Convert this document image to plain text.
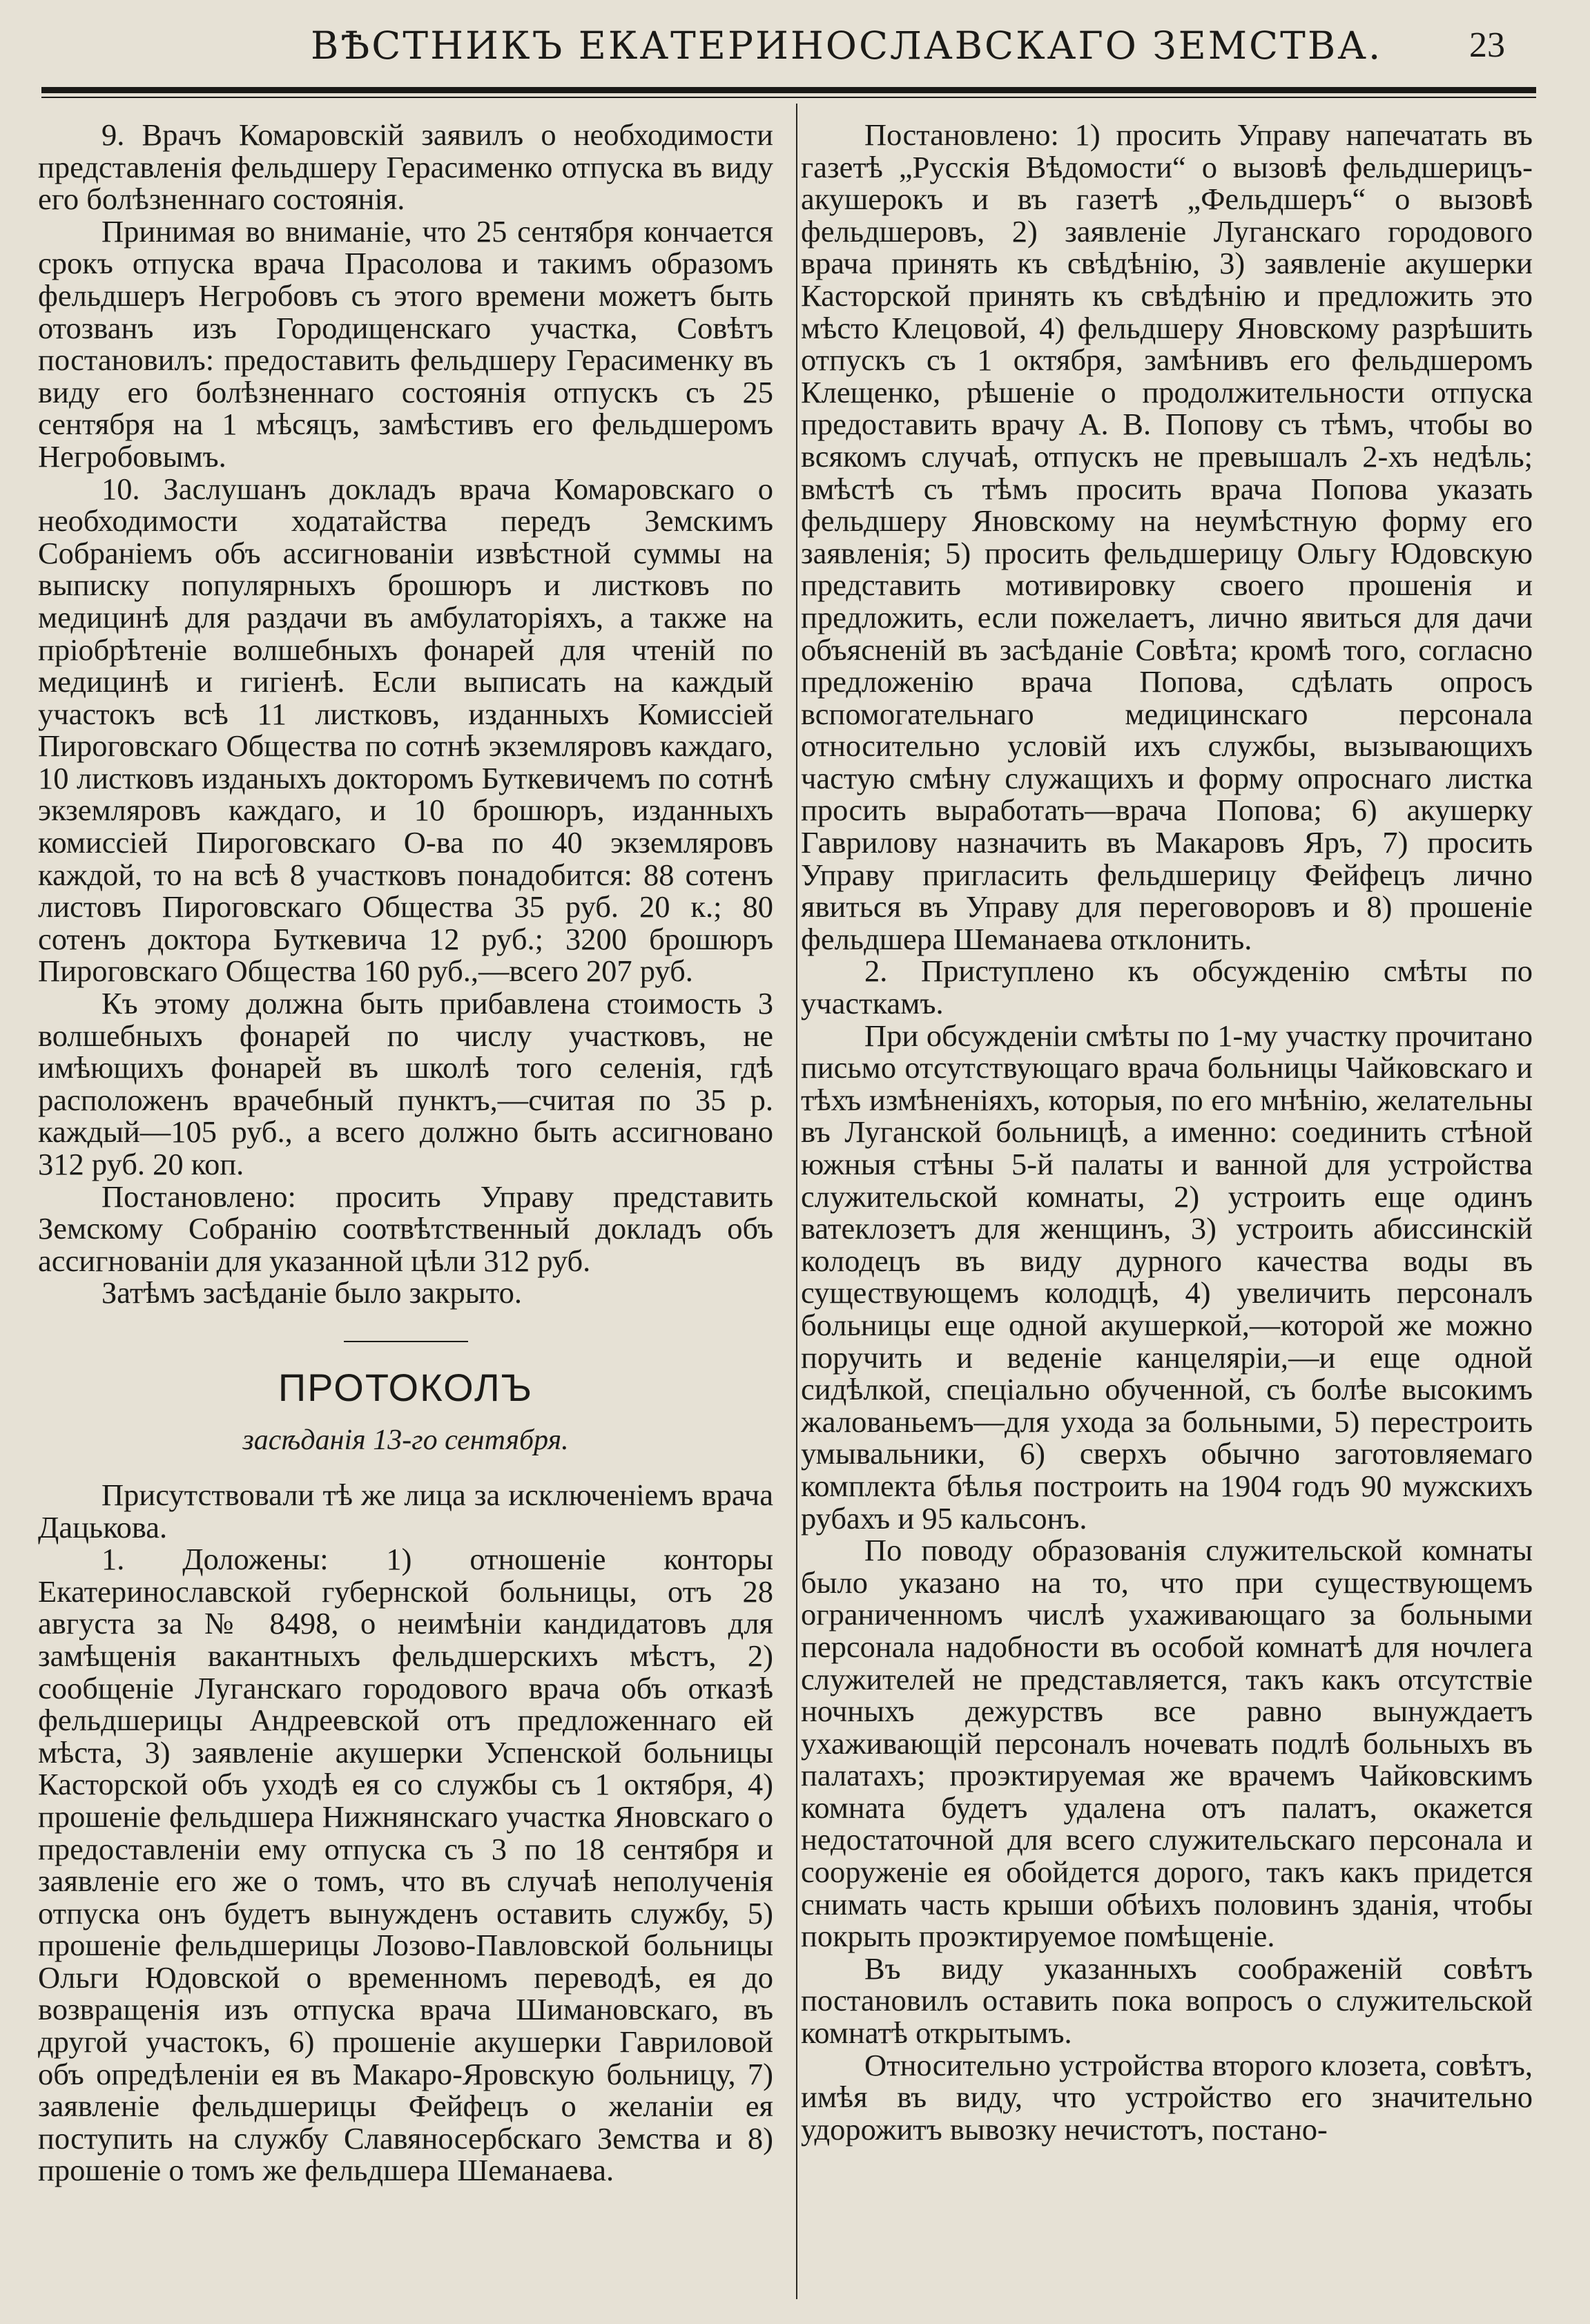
ВѢСТНИКЪ ЕКАТЕРИНОСЛАВСКАГО ЗЕМСТВА. 23

9. Врачъ Комаровскій заявилъ о необходимости представленія фельдшеру Герасименко отпуска въ виду его болѣзненнаго состоянія.

Принимая во вниманіе, что 25 сентября кончается срокъ отпуска врача Прасолова и такимъ образомъ фельдшеръ Негробовъ съ этого времени можетъ быть отозванъ изъ Городищенскаго участка, Совѣтъ постановилъ: предоставить фельдшеру Герасименку въ виду его болѣзненнаго состоянія отпускъ съ 25 сентября на 1 мѣсяцъ, замѣстивъ его фельдшеромъ Негробовымъ.

10. Заслушанъ докладъ врача Комаровскаго о необходимости ходатайства передъ Земскимъ Собраніемъ объ ассигнованіи извѣстной суммы на выписку популярныхъ брошюръ и листковъ по медицинѣ для раздачи въ амбулаторіяхъ, а также на пріобрѣтеніе волшебныхъ фонарей для чтеній по медицинѣ и гигіенѣ. Если выписать на каждый участокъ всѣ 11 листковъ, изданныхъ Комиссіей Пироговскаго Общества по сотнѣ экземляровъ каждаго, 10 листковъ изданыхъ докторомъ Буткевичемъ по сотнѣ экземляровъ каждаго, и 10 брошюръ, изданныхъ комиссіей Пироговскаго О-ва по 40 экземляровъ каждой, то на всѣ 8 участковъ понадобится: 88 сотенъ листовъ Пироговскаго Общества 35 руб. 20 к.; 80 сотенъ доктора Буткевича 12 руб.; 3200 брошюръ Пироговскаго Общества 160 руб.,—всего 207 руб.

Къ этому должна быть прибавлена стоимость 3 волшебныхъ фонарей по числу участковъ, не имѣющихъ фонарей въ школѣ того селенія, гдѣ расположенъ врачебный пунктъ,—считая по 35 р. каждый—105 руб., а всего должно быть ассигновано 312 руб. 20 коп.

Постановлено: просить Управу представить Земскому Собранію соотвѣтственный докладъ объ ассигнованіи для указанной цѣли 312 руб.

Затѣмъ засѣданіе было закрыто.

ПРОТОКОЛЪ
засѣданія 13-го сентября.

Присутствовали тѣ же лица за исключеніемъ врача Дацькова.

1. Доложены: 1) отношеніе конторы Екатеринославской губернской больницы, отъ 28 августа за № 8498, о неимѣніи кандидатовъ для замѣщенія вакантныхъ фельдшерскихъ мѣстъ, 2) сообщеніе Луганскаго городового врача объ отказѣ фельдшерицы Андреевской отъ предложеннаго ей мѣста, 3) заявленіе акушерки Успенской больницы Касторской объ уходѣ ея со службы съ 1 октября, 4) прошеніе фельдшера Нижнянскаго участка Яновскаго о предоставленіи ему отпуска съ 3 по 18 сентября и заявленіе его же о томъ, что въ случаѣ неполученія отпуска онъ будетъ вынужденъ оставить службу, 5) прошеніе фельдшерицы Лозово-Павловской больницы Ольги Юдовской о временномъ переводѣ, ея до возвращенія изъ отпуска врача Шимановскаго, въ другой участокъ, 6) прошеніе акушерки Гавриловой объ опредѣленіи ея въ Макаро-Яровскую больницу, 7) заявленіе фельдшерицы Фейфецъ о желаніи ея поступить на службу Славяносербскаго Земства и 8) прошеніе о томъ же фельдшера Шеманаева.

Постановлено: 1) просить Управу напечатать въ газетѣ „Русскія Вѣдомости“ о вызовѣ фельдшерицъ-акушерокъ и въ газетѣ „Фельдшеръ“ о вызовѣ фельдшеровъ, 2) заявленіе Луганскаго городового врача принять къ свѣдѣнію, 3) заявленіе акушерки Касторской принять къ свѣдѣнію и предложить это мѣсто Клецовой, 4) фельдшеру Яновскому разрѣшить отпускъ съ 1 октября, замѣнивъ его фельдшеромъ Клещенко, рѣшеніе о продолжительности отпуска предоставить врачу А. В. Попову съ тѣмъ, чтобы во всякомъ случаѣ, отпускъ не превышалъ 2-хъ недѣль; вмѣстѣ съ тѣмъ просить врача Попова указать фельдшеру Яновскому на неумѣстную форму его заявленія; 5) просить фельдшерицу Ольгу Юдовскую представить мотивировку своего прошенія и предложить, если пожелаетъ, лично явиться для дачи объясненій въ засѣданіе Совѣта; кромѣ того, согласно предложенію врача Попова, сдѣлать опросъ вспомогательнаго медицинскаго персонала относительно условій ихъ службы, вызывающихъ частую смѣну служащихъ и форму опроснаго листка просить выработать—врача Попова; 6) акушерку Гаврилову назначить въ Макаровъ Яръ, 7) просить Управу пригласить фельдшерицу Фейфецъ лично явиться въ Управу для переговоровъ и 8) прошеніе фельдшера Шеманаева отклонить.

2. Приступлено къ обсужденію смѣты по участкамъ.

При обсужденіи смѣты по 1-му участку прочитано письмо отсутствующаго врача больницы Чайковскаго и тѣхъ измѣненіяхъ, которыя, по его мнѣнію, желательны въ Луганской больницѣ, а именно: соединить стѣной южныя стѣны 5-й палаты и ванной для устройства служительской комнаты, 2) устроить еще одинъ ватеклозетъ для женщинъ, 3) устроить абиссинскій колодецъ въ виду дурного качества воды въ существующемъ колодцѣ, 4) увеличить персоналъ больницы еще одной акушеркой,—которой же можно поручить и веденіе канцеляріи,—и еще одной сидѣлкой, спеціально обученной, съ болѣе высокимъ жалованьемъ—для ухода за больными, 5) перестроить умывальники, 6) сверхъ обычно заготовляемаго комплекта бѣлья построить на 1904 годъ 90 мужскихъ рубахъ и 95 кальсонъ.

По поводу образованія служительской комнаты было указано на то, что при существующемъ ограниченномъ числѣ ухаживающаго за больными персонала надобности въ особой комнатѣ для ночлега служителей не представляется, такъ какъ отсутствіе ночныхъ дежурствъ все равно вынуждаетъ ухаживающій персоналъ ночевать подлѣ больныхъ въ палатахъ; проэктируемая же врачемъ Чайковскимъ комната будетъ удалена отъ палатъ, окажется недостаточной для всего служительскаго персонала и сооруженіе ея обойдется дорого, такъ какъ придется снимать часть крыши обѣихъ половинъ зданія, чтобы покрыть проэктируемое помѣщеніе.

Въ виду указанныхъ соображеній совѣтъ постановилъ оставить пока вопросъ о служительской комнатѣ открытымъ.

Относительно устройства второго клозета, совѣтъ, имѣя въ виду, что устройство его значительно удорожитъ вывозку нечистотъ, постано-
